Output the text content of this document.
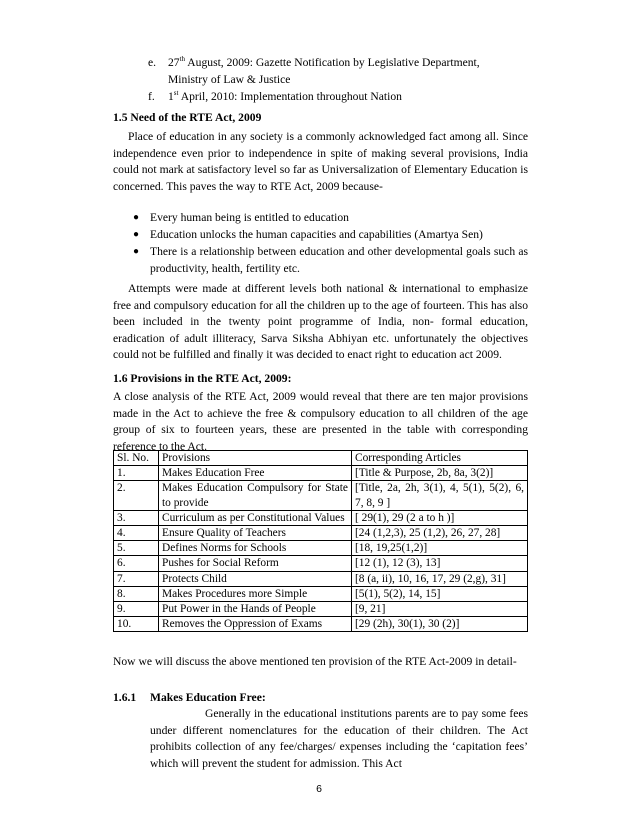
e. 27th August, 2009: Gazette Notification by Legislative Department,

Ministry of Law & Justice

f. 1st April, 2010: Implementation throughout Nation

1.5 Need of the RTE Act, 2009

Place of education in any society is a commonly acknowledged fact among all. Since independence even prior to independence in spite of making several provisions, India could not mark at satisfactory level so far as Universalization of Elementary Education is concerned. This paves the way to RTE Act, 2009 because-

● Every human being is entitled to education

● Education unlocks the human capacities and capabilities (Amartya Sen)

● There is a relationship between education and other developmental goals such as productivity, health, fertility etc.

Attempts were made at different levels both national & international to emphasize free and compulsory education for all the children up to the age of fourteen. This has also been included in the twenty point programme of India, non- formal education, eradication of adult illiteracy, Sarva Siksha Abhiyan etc. unfortunately the objectives could not be fulfilled and finally it was decided to enact right to education act 2009.

1.6 Provisions in the RTE Act, 2009:

A close analysis of the RTE Act, 2009 would reveal that there are ten major provisions made in the Act to achieve the free & compulsory education to all children of the age group of six to fourteen years, these are presented in the table with corresponding reference to the Act.

Sl. No.	Provisions	Corresponding Articles
1.	Makes Education Free	[Title & Purpose, 2b, 8a, 3(2)]
2.	Makes Education Compulsory for State to provide	[Title, 2a, 2h, 3(1), 4, 5(1), 5(2), 6, 7, 8, 9 ]
3.	Curriculum as per Constitutional Values	[ 29(1), 29 (2 a to h )]
4.	Ensure Quality of Teachers	[24 (1,2,3), 25 (1,2), 26, 27, 28]
5.	Defines Norms for Schools	[18, 19,25(1,2)]
6.	Pushes for Social Reform	[12 (1), 12 (3), 13]
7.	Protects Child	[8 (a, ii), 10, 16, 17, 29 (2,g), 31]
8.	Makes Procedures more Simple	[5(1), 5(2), 14, 15]
9.	Put Power in the Hands of People	[9, 21]
10.	Removes the Oppression of Exams	[29 (2h), 30(1), 30 (2)]

Now we will discuss the above mentioned ten provision of the RTE Act-2009 in detail-

1.6.1 Makes Education Free:

Generally in the educational institutions parents are to pay some fees under different nomenclatures for the education of their children. The Act prohibits collection of any fee/charges/ expenses including the ‘capitation fees’ which will prevent the student for admission. This Act

6
